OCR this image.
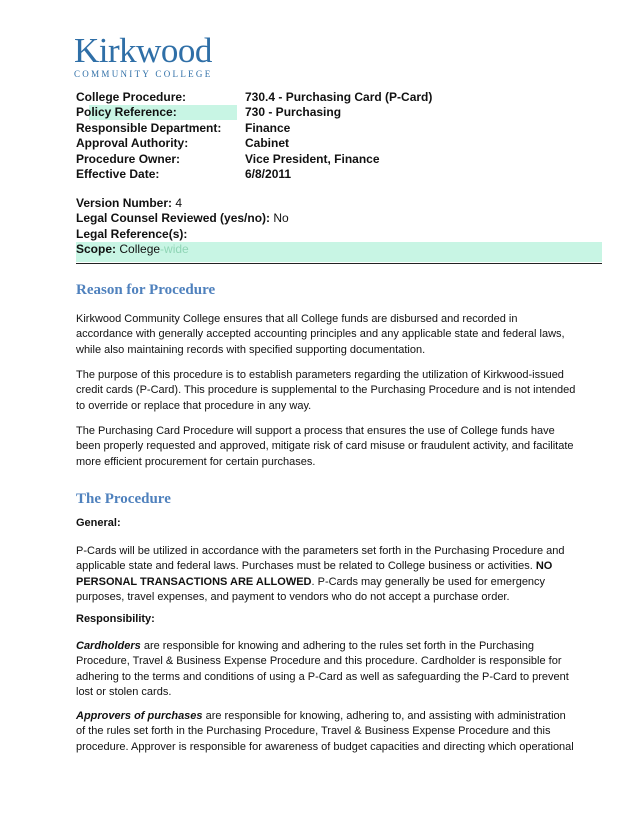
Kirkwood
COMMUNITY COLLEGE
College Procedure:	730.4 - Purchasing Card (P-Card)
Policy Reference:	730 - Purchasing
Responsible Department: Finance
Approval Authority:	Cabinet
Procedure Owner:	Vice President, Finance
Effective Date:	6/8/2011
Version Number: 4
Legal Counsel Reviewed (yes/no): No
Legal Reference(s):
Scope: College-wide
Reason for Procedure

Kirkwood Community College ensures that all College funds are disbursed and recorded in accordance with generally accepted accounting principles and any applicable state and federal laws, while also maintaining records with specified supporting documentation.

The purpose of this procedure is to establish parameters regarding the utilization of Kirkwood-issued credit cards (P-Card). This procedure is supplemental to the Purchasing Procedure and is not intended to override or replace that procedure in any way.

The Purchasing Card Procedure will support a process that ensures the use of College funds have been properly requested and approved, mitigate risk of card misuse or fraudulent activity, and facilitate more efficient procurement for certain purchases.

The Procedure

General:

P-Cards will be utilized in accordance with the parameters set forth in the Purchasing Procedure and applicable state and federal laws. Purchases must be related to College business or activities. NO PERSONAL TRANSACTIONS ARE ALLOWED. P-Cards may generally be used for emergency purposes, travel expenses, and payment to vendors who do not accept a purchase order.

Responsibility:

Cardholders are responsible for knowing and adhering to the rules set forth in the Purchasing Procedure, Travel & Business Expense Procedure and this procedure. Cardholder is responsible for adhering to the terms and conditions of using a P-Card as well as safeguarding the P-Card to prevent lost or stolen cards.

Approvers of purchases are responsible for knowing, adhering to, and assisting with administration of the rules set forth in the Purchasing Procedure, Travel & Business Expense Procedure and this procedure. Approver is responsible for awareness of budget capacities and directing which operational
